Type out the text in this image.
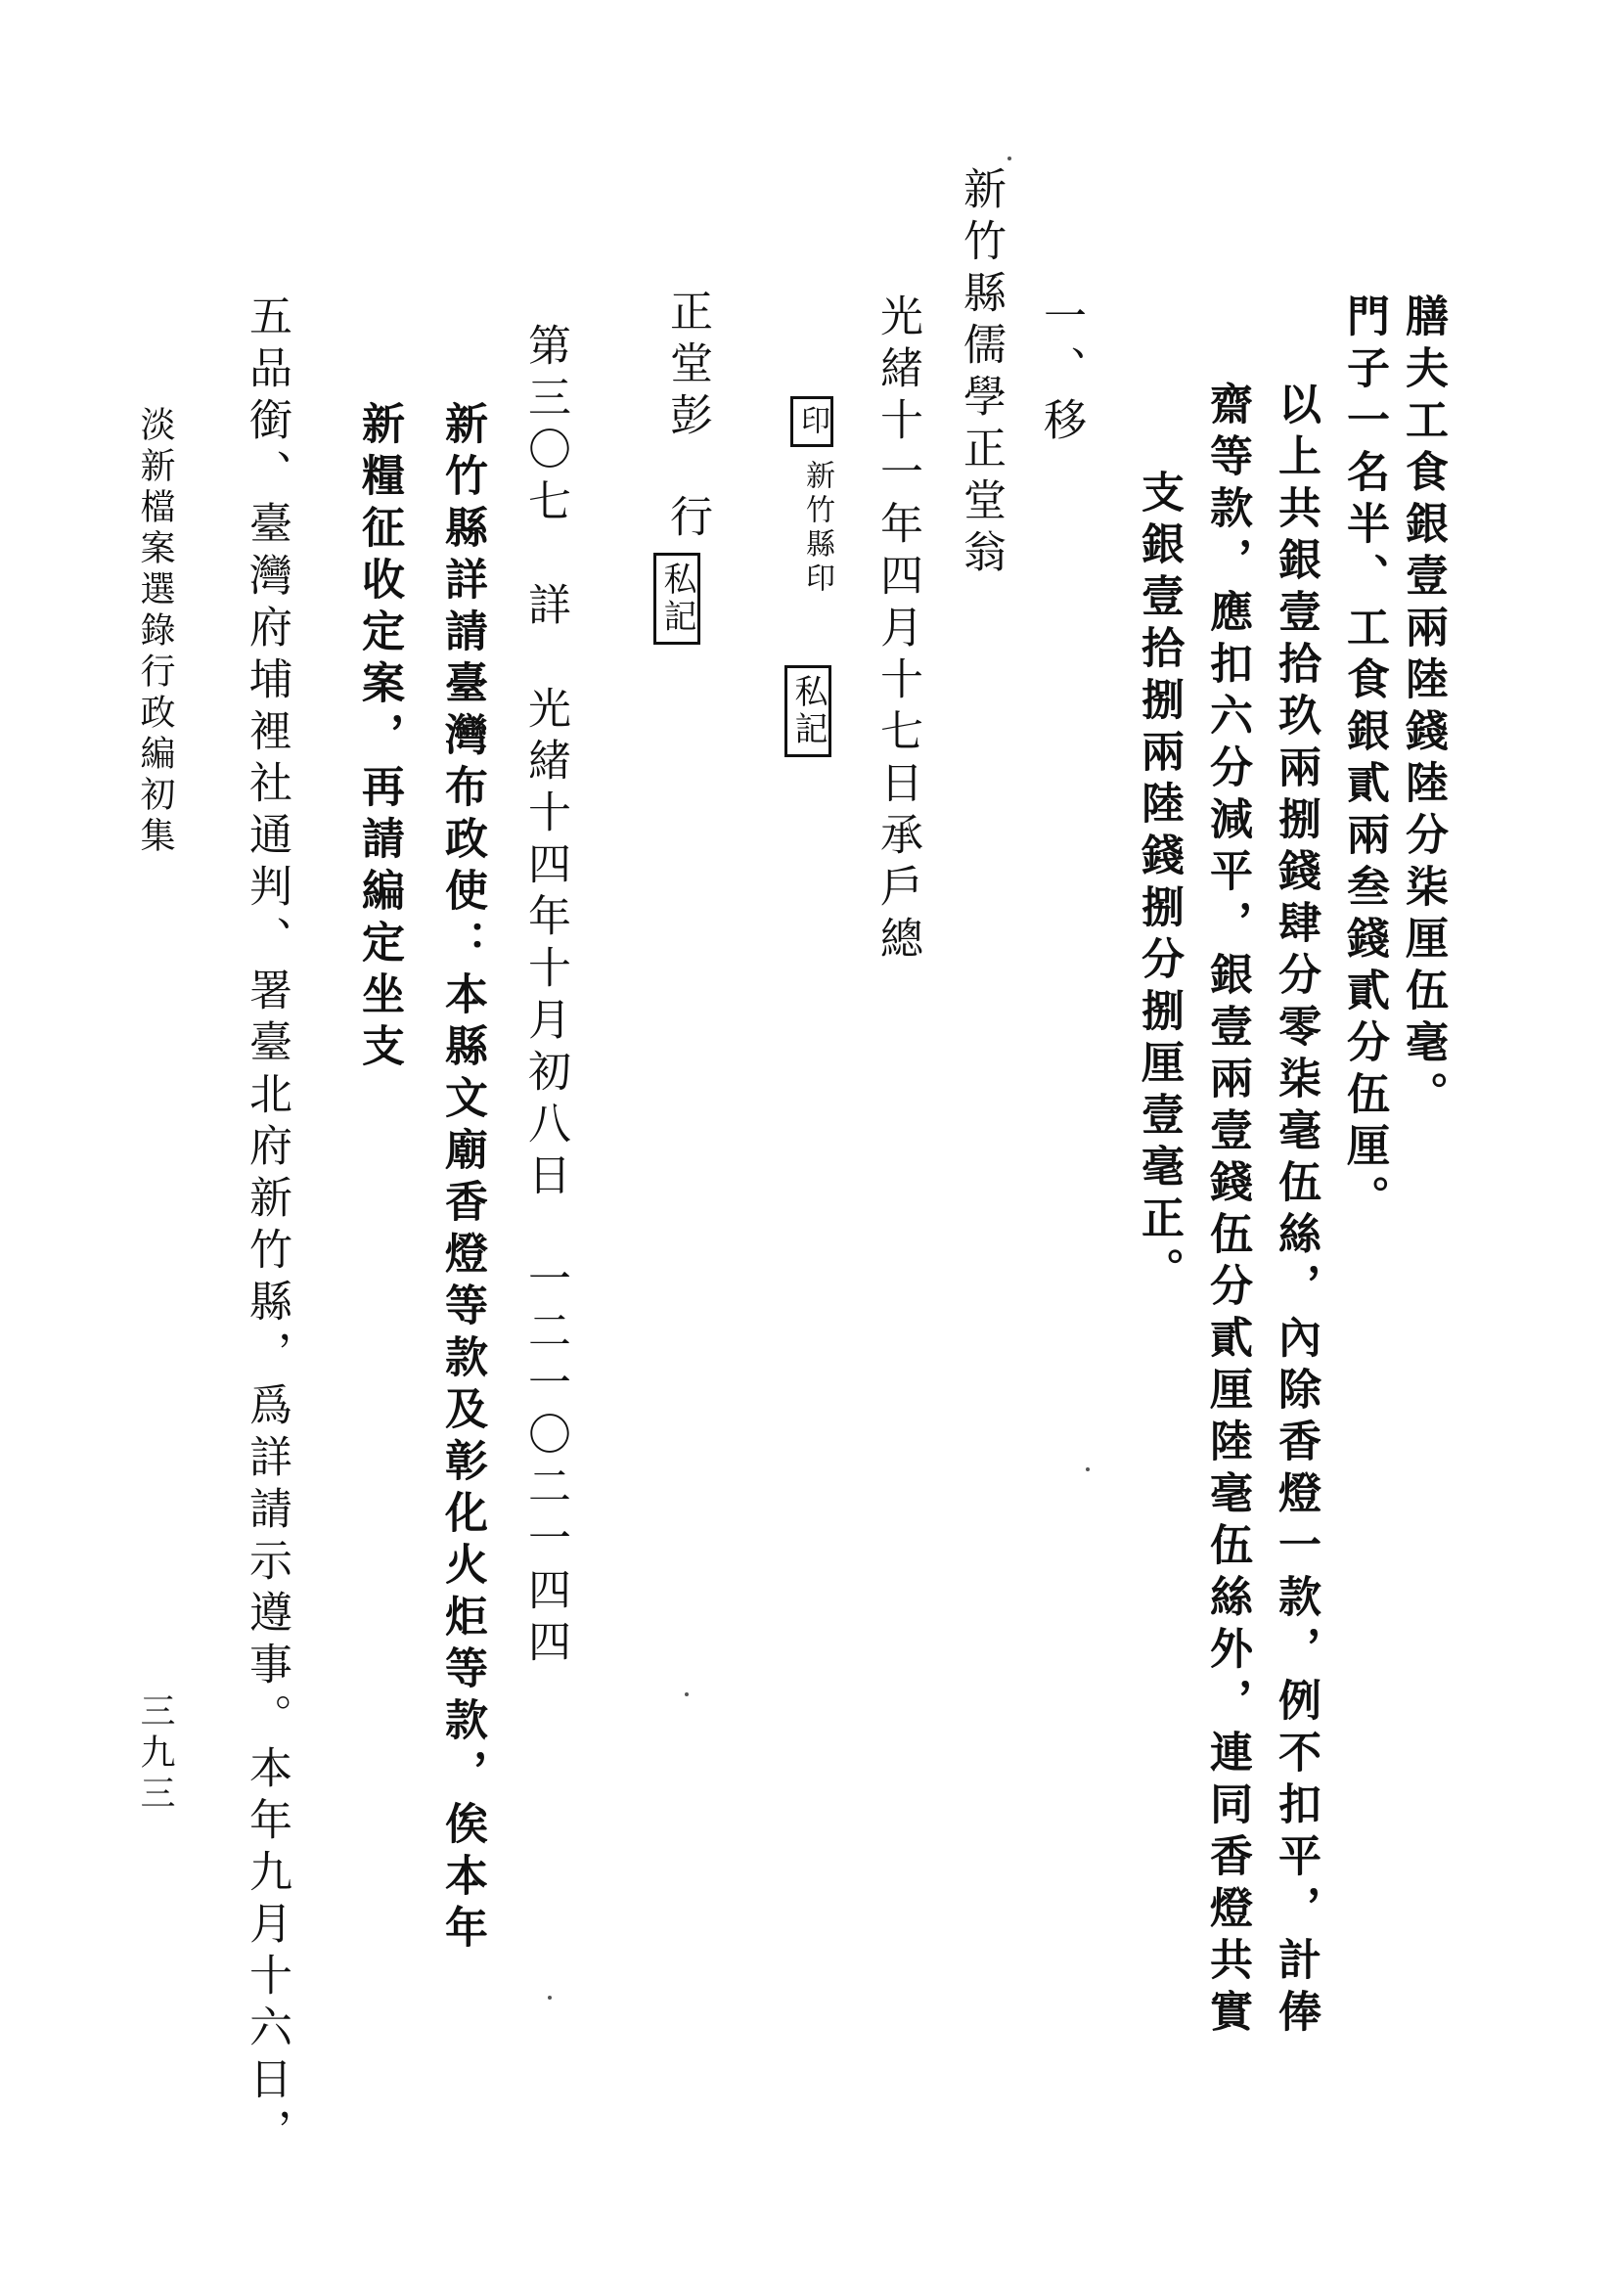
膳夫工食銀壹兩陸錢陸分柒厘伍毫。
門子一名半、工食銀貳兩叁錢貳分伍厘。
以上共銀壹拾玖兩捌錢肆分零柒毫伍絲，內除香燈一款，例不扣平，計俸
齋等款，應扣六分減平，銀壹兩壹錢伍分貳厘陸毫伍絲外，連同香燈共實
支銀壹拾捌兩陸錢捌分捌厘壹毫正。
一、移
新竹縣儒學正堂翁
光緒十一年四月十七日承戶總
印
新竹縣印
私記
正堂彭
行
私記
第三〇七　詳　光緒十四年十月初八日　一二一〇二一四四
新竹縣詳請臺灣布政使：本縣文廟香燈等款及彰化火炬等款，俟本年
新糧征收定案，再請編定坐支
五品銜、臺灣府埔裡社通判、署臺北府新竹縣，爲詳請示遵事。本年九月十六日，
淡新檔案選錄行政編初集
三九三
